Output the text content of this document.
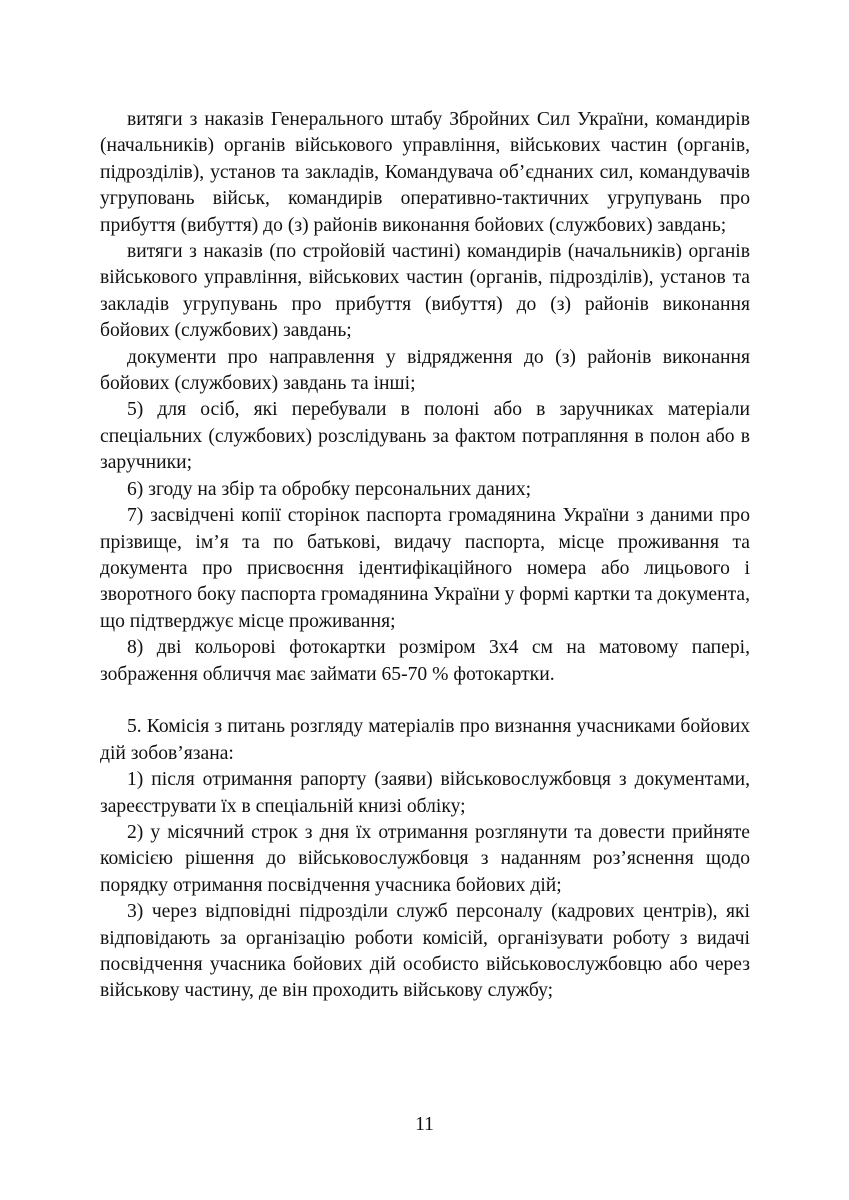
витяги з наказів Генерального штабу Збройних Сил України, командирів (начальників) органів військового управління, військових частин (органів, підрозділів), установ та закладів, Командувача об’єднаних сил, командувачів угруповань військ, командирів оперативно-тактичних угрупувань про прибуття (вибуття) до (з) районів виконання бойових (службових) завдань;

витяги з наказів (по стройовій частині) командирів (начальників) органів військового управління, військових частин (органів, підрозділів), установ та закладів угрупувань про прибуття (вибуття) до (з) районів виконання бойових (службових) завдань;

документи про направлення у відрядження до (з) районів виконання бойових (службових) завдань та інші;

5) для осіб, які перебували в полоні або в заручниках матеріали спеціальних (службових) розслідувань за фактом потрапляння в полон або в заручники;

6) згоду на збір та обробку персональних даних;

7) засвідчені копії сторінок паспорта громадянина України з даними про прізвище, ім’я та по батькові, видачу паспорта, місце проживання та документа про присвоєння ідентифікаційного номера або лицьового і зворотного боку паспорта громадянина України у формі картки та документа, що підтверджує місце проживання;

8) дві кольорові фотокартки розміром 3х4 см на матовому папері, зображення обличчя має займати 65-70 % фотокартки.

5. Комісія з питань розгляду матеріалів про визнання учасниками бойових дій зобов’язана:

1) після отримання рапорту (заяви) військовослужбовця з документами, зареєструвати їх в спеціальній книзі обліку;

2) у місячний строк з дня їх отримання розглянути та довести прийняте комісією рішення до військовослужбовця з наданням роз’яснення щодо порядку отримання посвідчення учасника бойових дій;

3) через відповідні підрозділи служб персоналу (кадрових центрів), які відповідають за організацію роботи комісій, організувати роботу з видачі посвідчення учасника бойових дій особисто військовослужбовцю або через військову частину, де він проходить військову службу;

11
